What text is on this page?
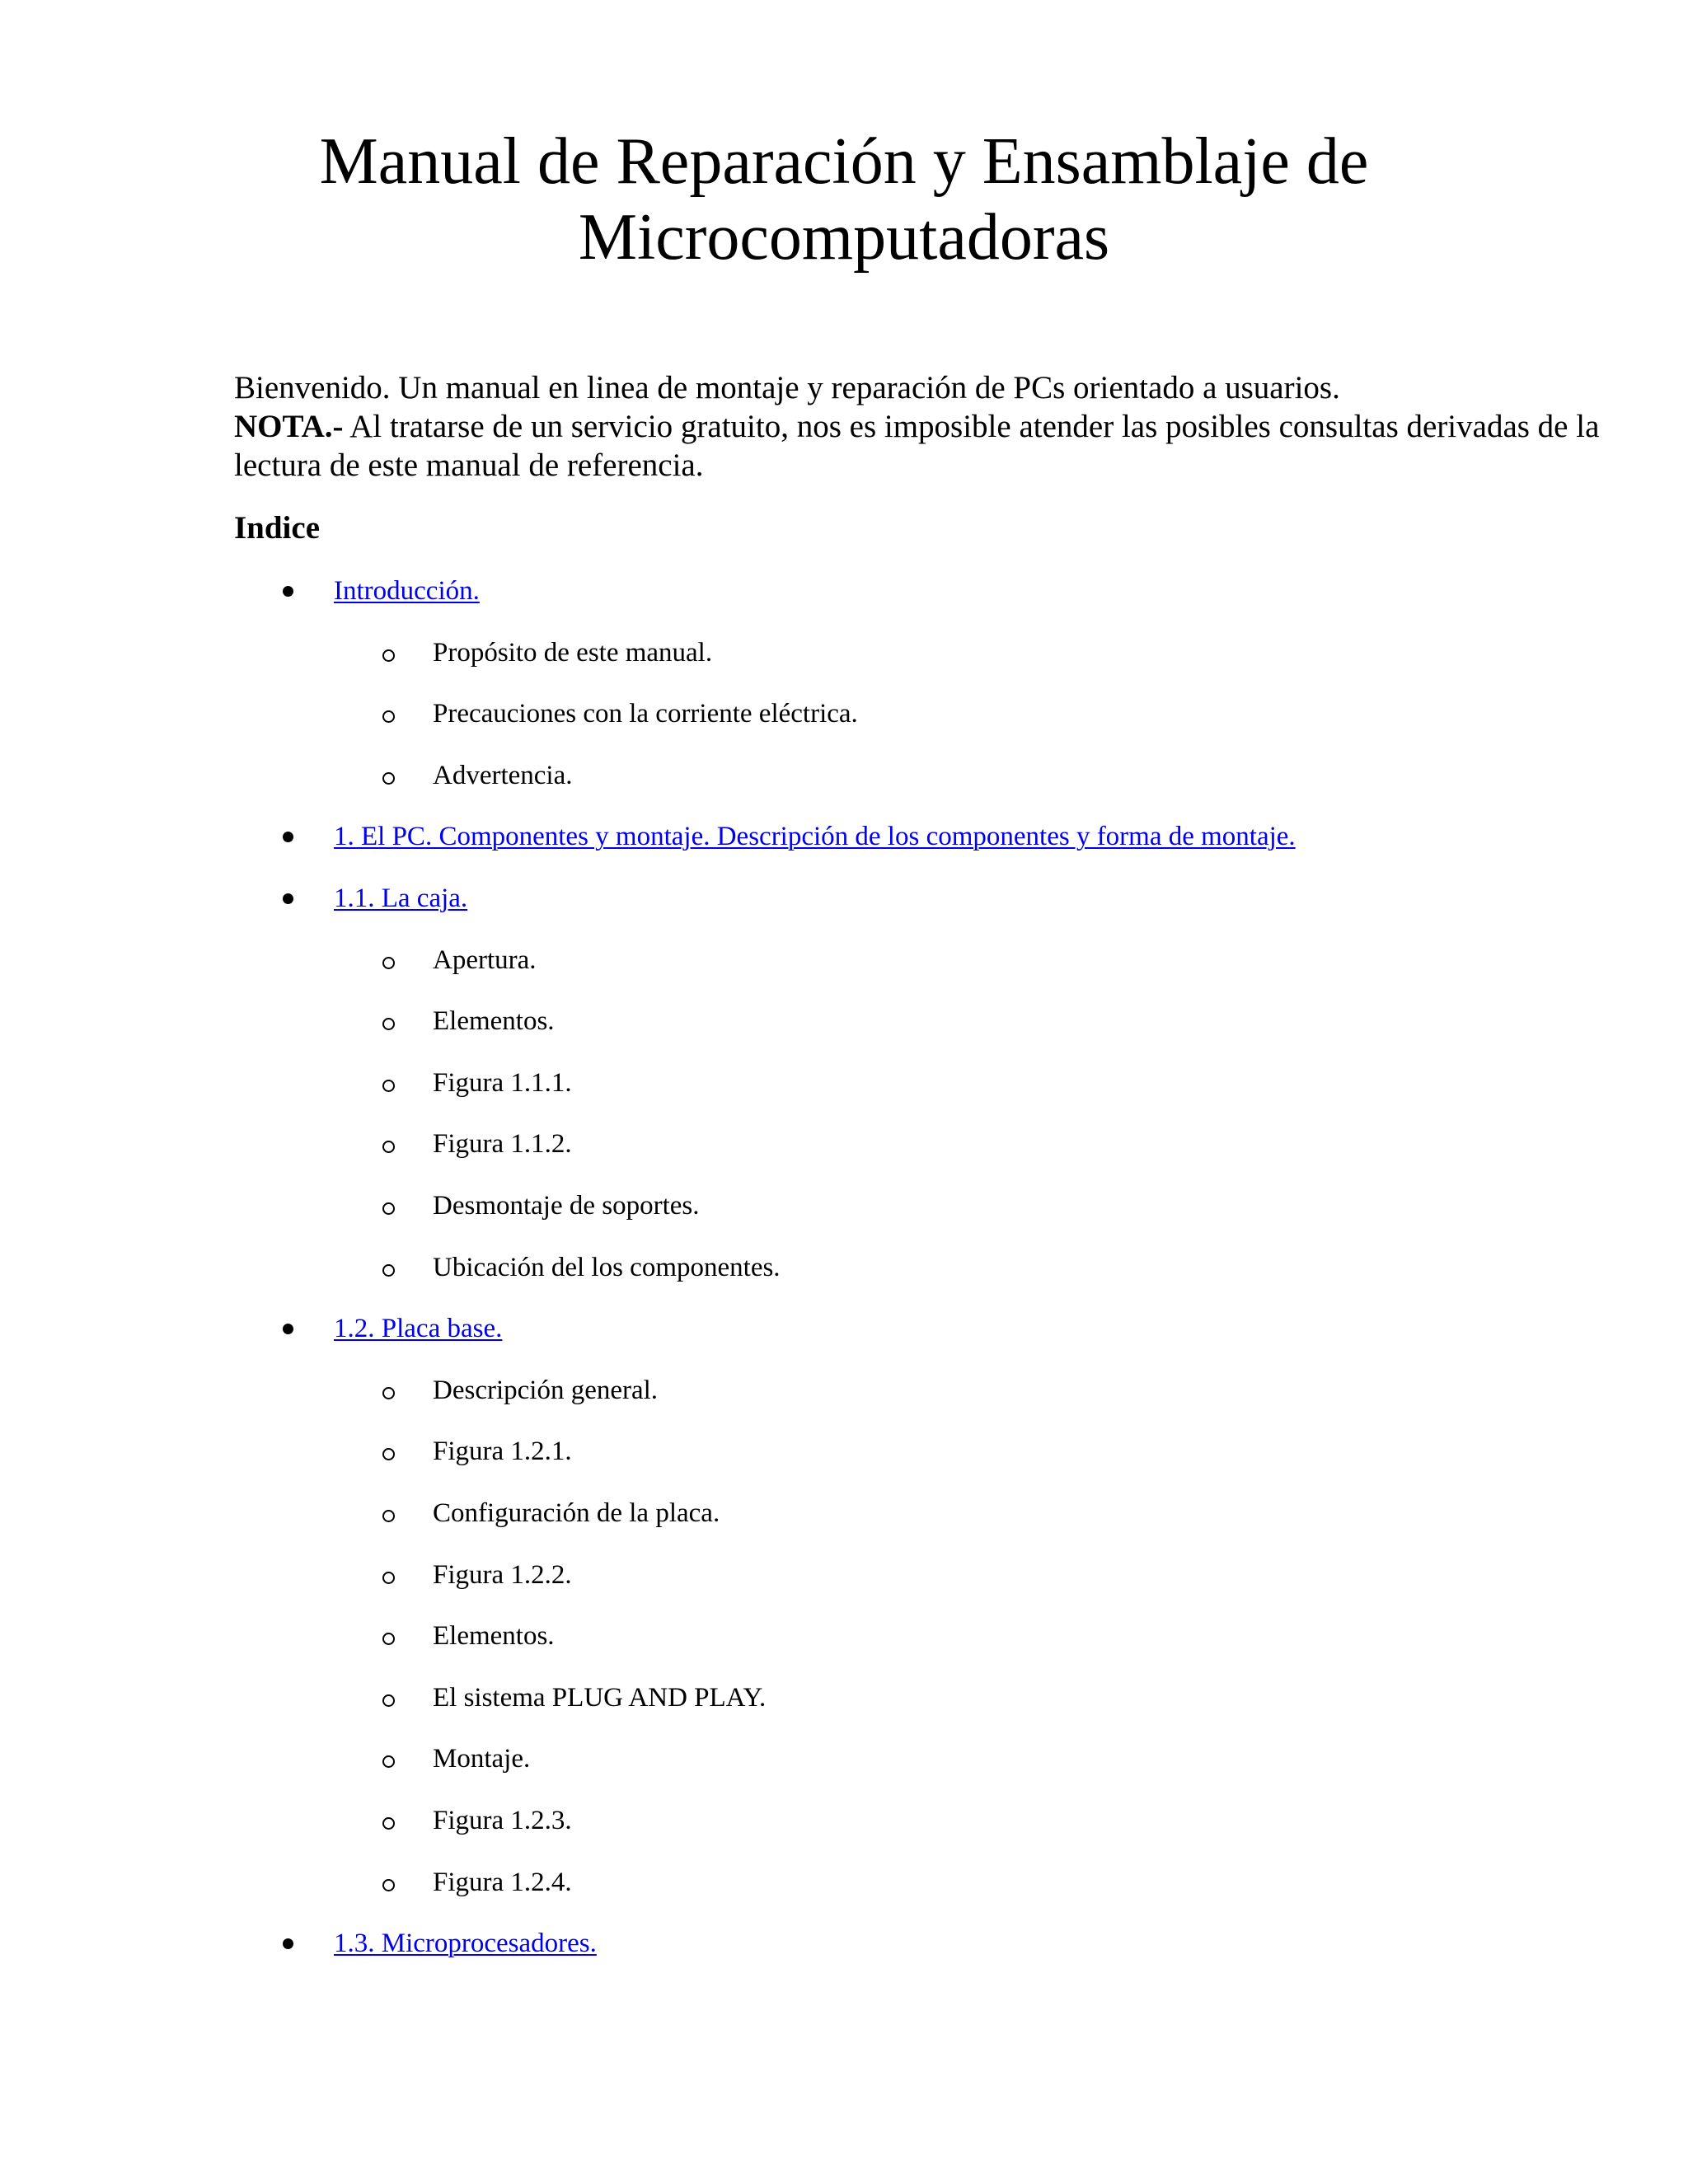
Manual de Reparación y Ensamblaje de
Microcomputadoras

Bienvenido. Un manual en linea de montaje y reparación de PCs orientado a usuarios.
NOTA.- Al tratarse de un servicio gratuito, nos es imposible atender las posibles consultas derivadas de la lectura de este manual de referencia.

Indice
Introducción.
Propósito de este manual.
Precauciones con la corriente eléctrica.
Advertencia.
1. El PC. Componentes y montaje. Descripción de los componentes y forma de montaje.
1.1. La caja.
Apertura.
Elementos.
Figura 1.1.1.
Figura 1.1.2.
Desmontaje de soportes.
Ubicación del los componentes.
1.2. Placa base.
Descripción general.
Figura 1.2.1.
Configuración de la placa.
Figura 1.2.2.
Elementos.
El sistema PLUG AND PLAY.
Montaje.
Figura 1.2.3.
Figura 1.2.4.
1.3. Microprocesadores.
